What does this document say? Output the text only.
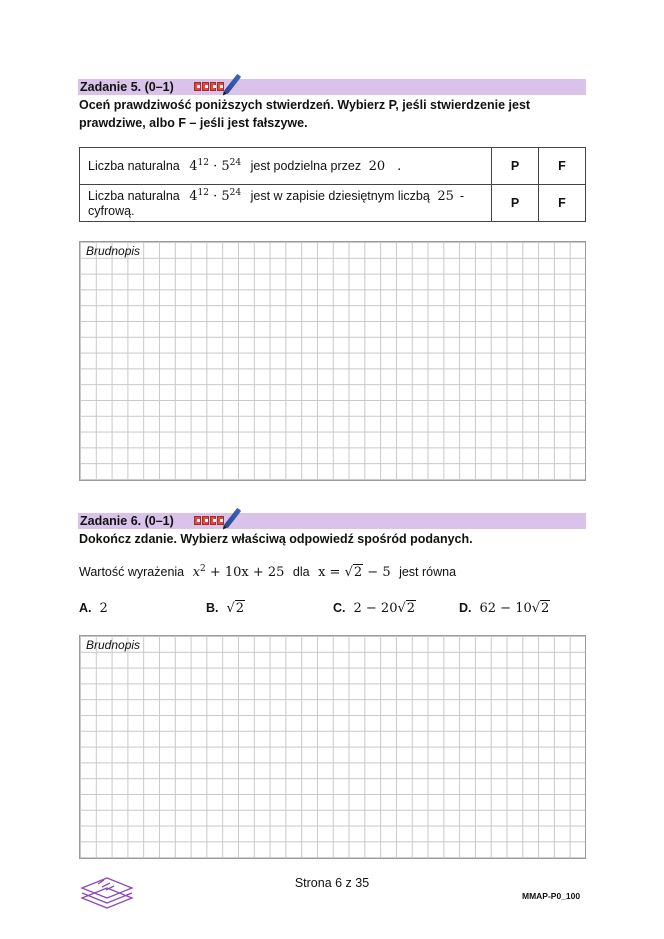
Zadanie 5. (0–1)
Oceń prawdziwość poniższych stwierdzeń. Wybierz P, jeśli stwierdzenie jest
prawdziwe, albo F – jeśli jest fałszywe.
Liczba naturalna $4^{12} \cdot 5^{24}$ jest podzielna przez 20 .	P	F
Liczba naturalna $4^{12} \cdot 5^{24}$ jest w zapisie dziesiętnym liczbą 25 -cyfrową.	P	F
Brudnopis
Zadanie 6. (0–1)
Dokończ zdanie. Wybierz właściwą odpowiedź spośród podanych.
Wartość wyrażenia $x^2 + 10x + 25$ dla x = √2 − 5 jest równa
A. 2	B. √2	C. 2 − 20√2	D. 62 − 10√2
Brudnopis
Strona 6 z 35
MMAP-P0_100
